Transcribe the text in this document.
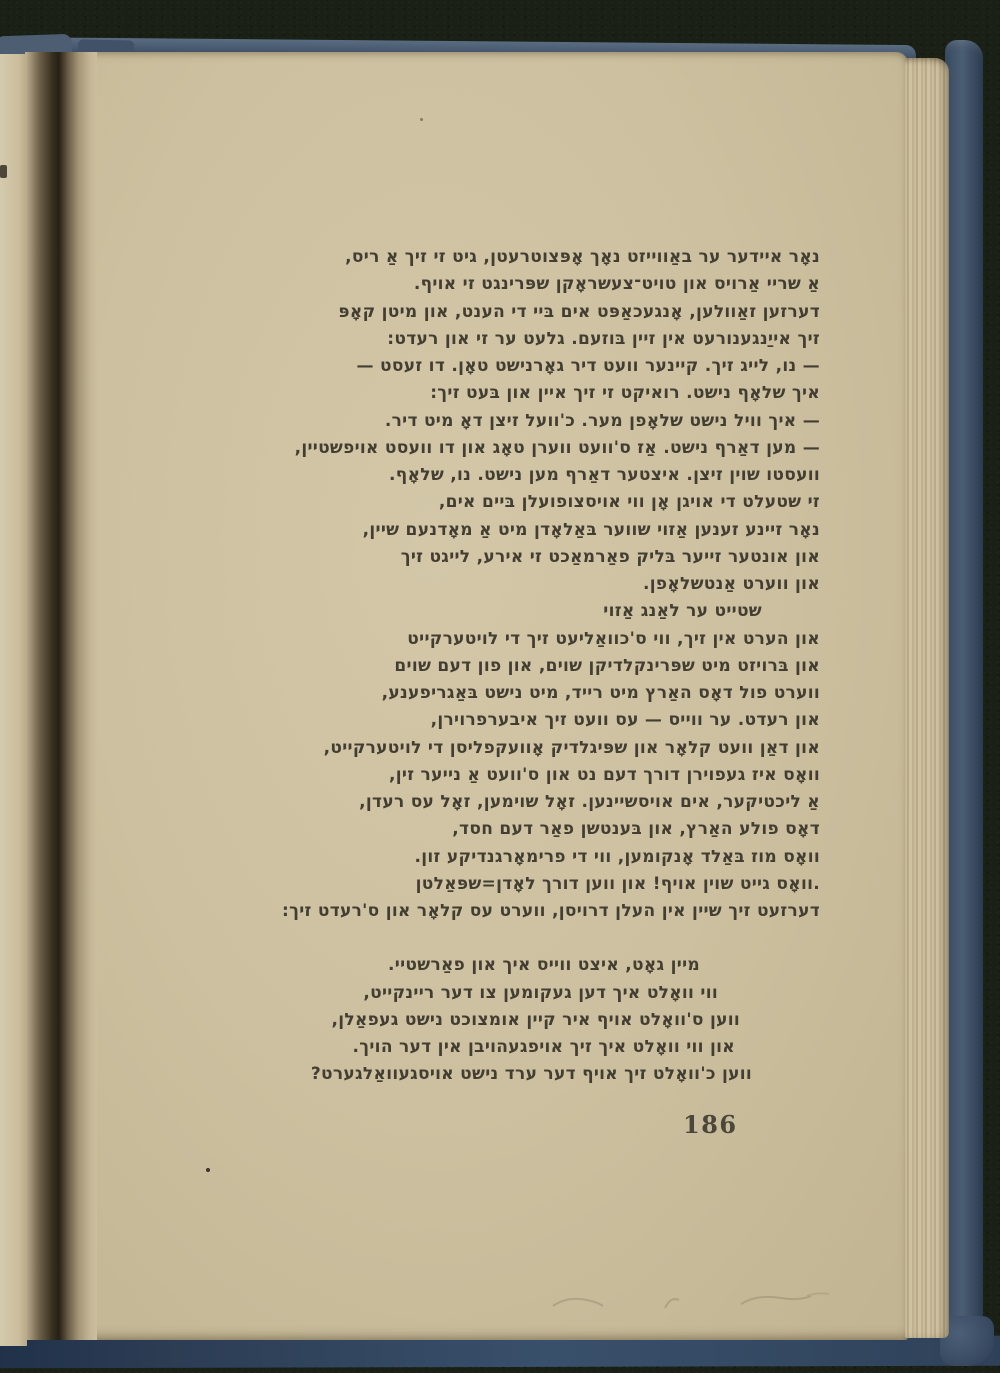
נאָר איידער ער באַווייזט נאָך אָפּצוטרעטן, גיט זי זיך אַ ריס,
אַ שריי אַרויס און טויט־צעשראָקן שפּרינגט זי אויף.
דערזען זאַוולען, אָנגעכאַפּט אים בּיי די הענט, און מיטן קאָפּ
זיך אייַנגענורעט אין זיין בּוזעם. גלעט ער זי און רעדט:
— נו, לייג זיך. קיינער וועט דיר גאָרנישט טאָן. דו זעסט —
איך שלאָף נישט. רואיקט זי זיך איין און בּעט זיך:
— איך וויל נישט שלאָפן מער. כ'וועל זיצן דאָ מיט דיר.
— מען דאַרף נישט. אַז ס'וועט ווערן טאָג און דו וועסט אויפשטיין,
וועסטו שוין זיצן. איצטער דאַרף מען נישט. נו, שלאָף.
זי שטעלט די אויגן אָן ווי אויסצופועלן בּיים אים,
נאָר זיינע זענען אַזוי שווער בּאַלאָדן מיט אַ מאָדנעם שיין,
און אונטער זייער בּליק פאַרמאַכט זי אירע, לייגט זיך
און ווערט אַנטשלאָפן.
שטייט ער לאַנג אַזוי
און הערט אין זיך, ווי ס'כוואַליעט זיך די לויטערקייט
און בּרויזט מיט שפּרינקלדיקן שוים, און פון דעם שוים
ווערט פול דאָס האַרץ מיט רייד, מיט נישט בּאַגריפענע,
און רעדט. ער ווייס — עס וועט זיך איבערפרוירן,
און דאַן וועט קלאָר און שפּיגלדיק אָוועקפליסן די לויטערקייט,
וואָס איז געפוירן דורך דעם נט און ס'וועט אַ נייער זין,
אַ ליכטיקער, אים אויסשיינען. זאָל שוימען, זאָל עס רעדן,
דאָס פולע האַרץ, און בּענטשן פאַר דעם חסד,
וואָס מוז בּאַלד אָנקומען, ווי די פרימאָרגנדיקע זון.
.וואָס גייט שוין אויף! און ווען דורך לאָדן=שפּאַלטן
דערזעט זיך שיין אין העלן דרויסן, ווערט עס קלאָר און ס'רעדט זיך:
מיין גאָט, איצט ווייס איך און פאַרשטיי.
ווי וואָלט איך דען געקומען צו דער ריינקייט,
ווען ס'וואָלט אויף איר קיין אומצוכט נישט געפאַלן,
און ווי וואָלט איך זיך אויפגעהויבן אין דער הויך.
ווען כ'וואָלט זיך אויף דער ערד נישט אויסגעוואַלגערט?
186
